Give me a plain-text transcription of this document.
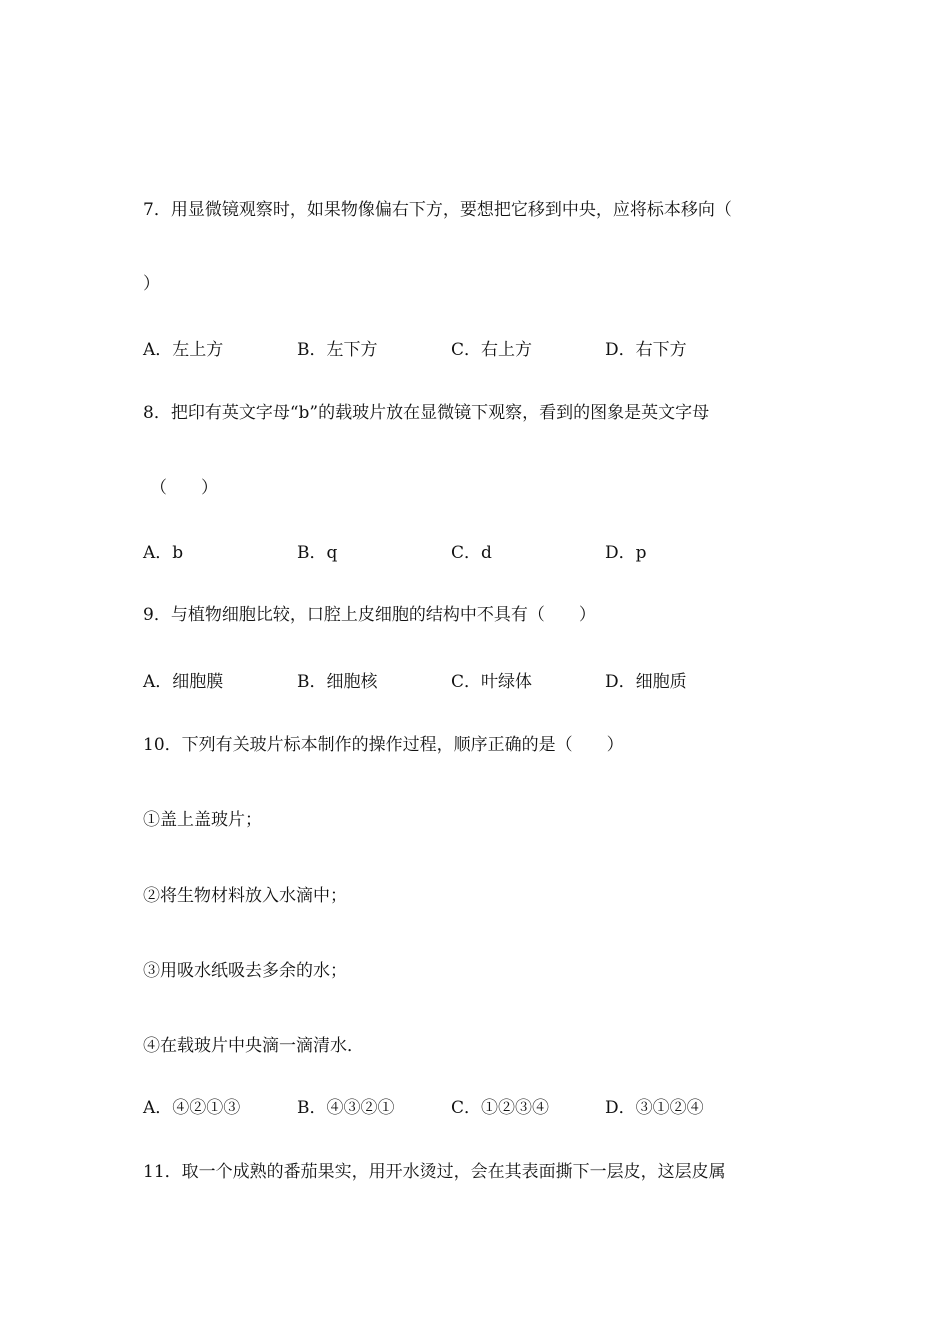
7．用显微镜观察时，如果物像偏右下方，要想把它移到中央，应将标本移向（
）
A．左上方	B．左下方	C．右上方	D．右下方
8．把印有英文字母“b”的载玻片放在显微镜下观察，看到的图象是英文字母
（　　）
A．b	B．q	C．d	D．p
9．与植物细胞比较，口腔上皮细胞的结构中不具有（　　）
A．细胞膜	B．细胞核	C．叶绿体	D．细胞质
10．下列有关玻片标本制作的操作过程，顺序正确的是（　　）
①盖上盖玻片；
②将生物材料放入水滴中；
③用吸水纸吸去多余的水；
④在载玻片中央滴一滴清水．
A．④②①③	B．④③②①	C．①②③④	D．③①②④
11．取一个成熟的番茄果实，用开水烫过，会在其表面撕下一层皮，这层皮属
